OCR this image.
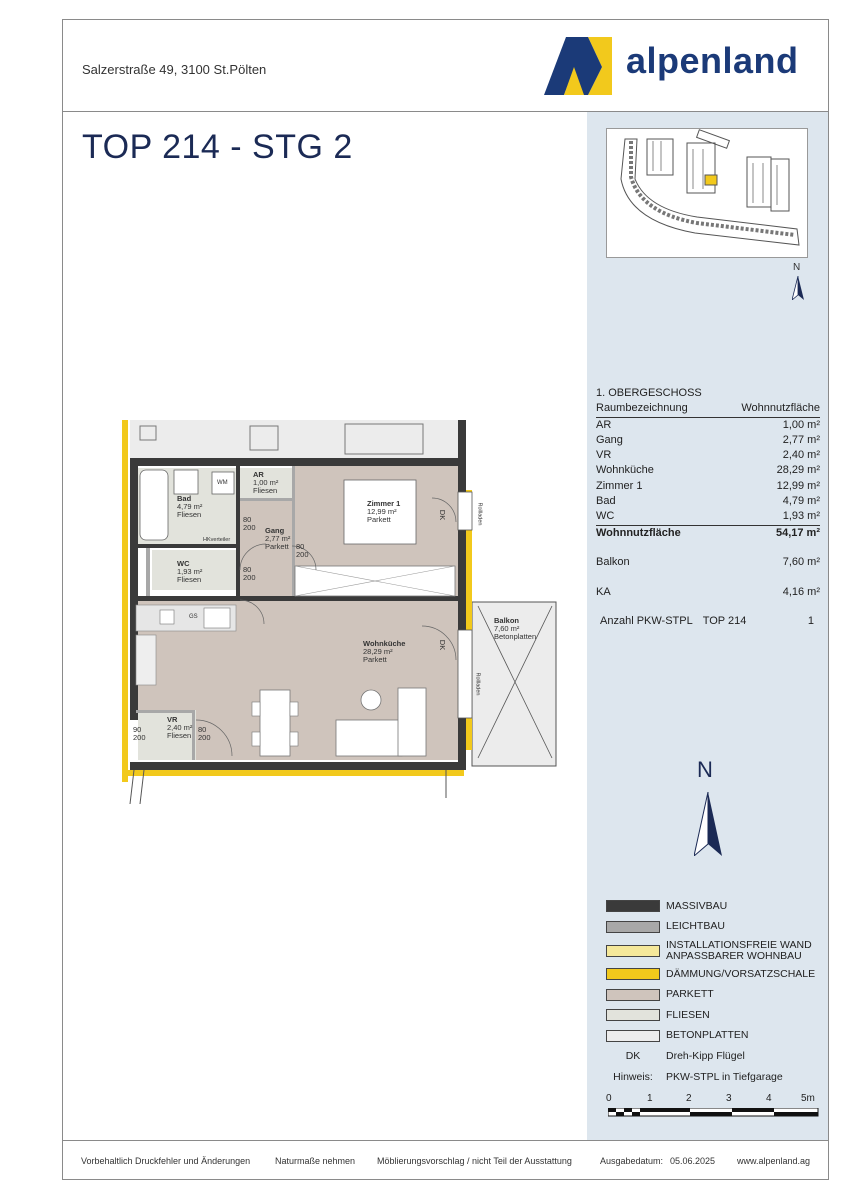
Salzerstraße 49, 3100 St.Pölten	alpenland
TOP 214 - STG 2
N
1. OBERGESCHOSS
Raumbezeichnung	Wohnnutzfläche
AR	1,00 m²
Gang	2,77 m²
VR	2,40 m²
Wohnküche	28,29 m²
Zimmer 1	12,99 m²
Bad	4,79 m²
WC	1,93 m²
Wohnnutzfläche	54,17 m²
Balkon	7,60 m²
KA	4,16 m²
Anzahl PKW-STPL TOP 214	1
N
MASSIVBAU
LEICHTBAU
INSTALLATIONSFREIE WAND ANPASSBARER WOHNBAU
DÄMMUNG/VORSATZSCHALE
PARKETT
FLIESEN
BETONPLATTEN
DK	Dreh-Kipp Flügel
Hinweis:	PKW-STPL in Tiefgarage
0	1	2	3	4	5m
Bad
4,79 m²
Fliesen
WM
AR
1,00 m²
Fliesen
HKverteiler
Gang
2,77 m²
Parkett
Zimmer 1
12,99 m²
Parkett
WC
1,93 m²
Fliesen
80
200
80
200
80
200
GS
Wohnküche
28,29 m²
Parkett
Balkon
7,60 m²
Betonplatten
VR
2,40 m²
Fliesen
90
200
80
200
DK
DK
Rollladen
Rollladen
Vorbehaltlich Druckfehler und Änderungen	Naturmaße nehmen Möblierungsvorschlag / nicht Teil der Ausstattung	Ausgabedatum: 05.06.2025 www.alpenland.ag
